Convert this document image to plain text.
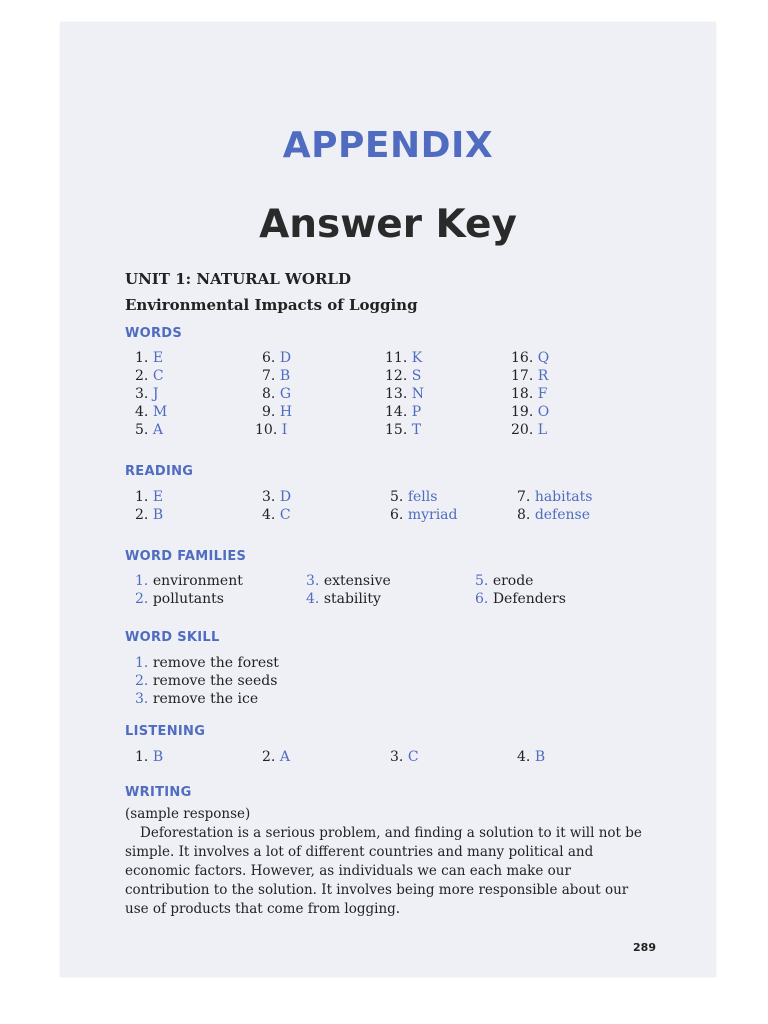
APPENDIX
Answer Key
UNIT 1: NATURAL WORLD
Environmental Impacts of Logging
WORDS
1. E	6. D	11. K	16. Q
2. C	7. B	12. S	17. R
3. J	8. G	13. N	18. F
4. M	9. H	14. P	19. O
5. A	10. I	15. T	20. L
READING
1. E	3. D	5. fells	7. habitats
2. B	4. C	6. myriad	8. defense
WORD FAMILIES
1. environment	3. extensive	5. erode
2. pollutants	4. stability	6. Defenders
WORD SKILL
1. remove the forest
2. remove the seeds
3. remove the ice
LISTENING
1. B	2. A	3. C	4. B
WRITING
(sample response)

Deforestation is a serious problem, and finding a solution to it will not be simple. It involves a lot of different countries and many political and economic factors. However, as individuals we can each make our contribution to the solution. It involves being more responsible about our use of products that come from logging.

289
